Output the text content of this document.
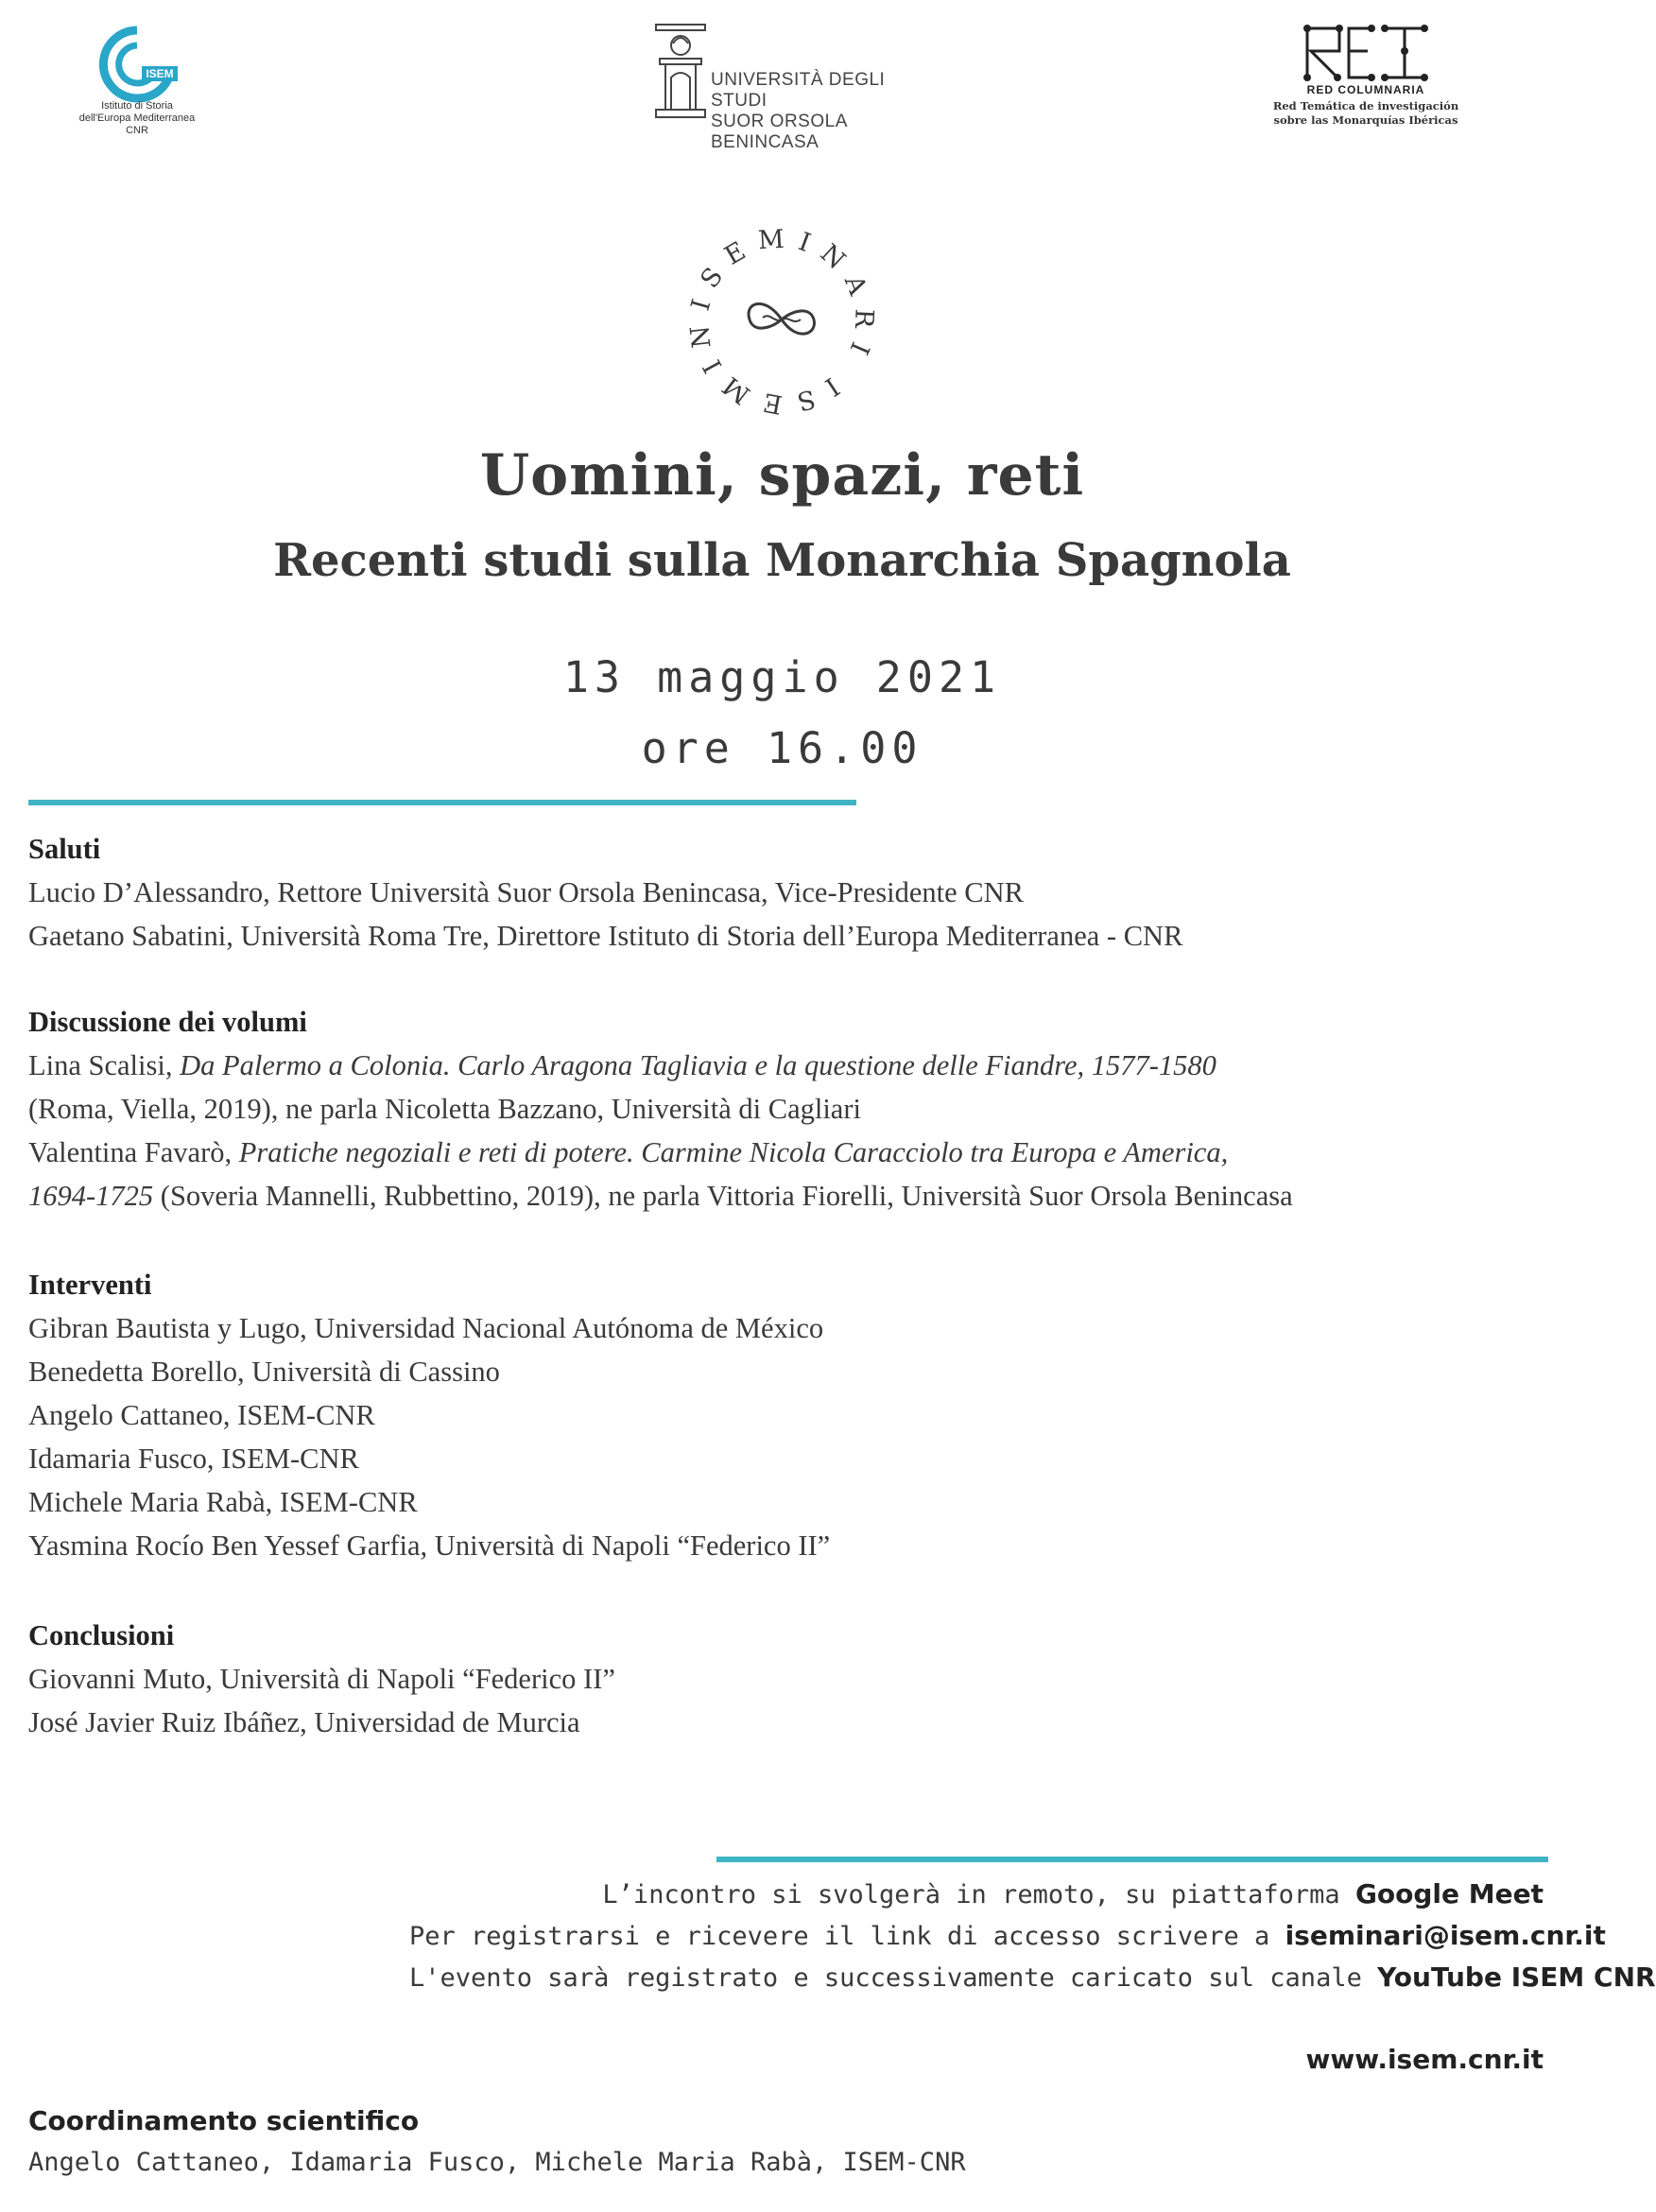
ISEM
Istituto di Storia
dell'Europa Mediterranea
CNR
UNIVERSITÀ DEGLI STUDI
SUOR ORSOLA BENINCASA
RED COLUMNARIA
Red Temática de investigación
sobre las Monarquías Ibéricas
ISEMINARI ISEMIN
Uomini, spazi, reti
Recenti studi sulla Monarchia Spagnola
13 maggio 2021
ore 16.00
Saluti
Lucio D’Alessandro, Rettore Università Suor Orsola Benincasa, Vice-Presidente CNR
Gaetano Sabatini, Università Roma Tre, Direttore Istituto di Storia dell’Europa Mediterranea - CNR
Discussione dei volumi
Lina Scalisi, Da Palermo a Colonia. Carlo Aragona Tagliavia e la questione delle Fiandre, 1577-1580
(Roma, Viella, 2019), ne parla Nicoletta Bazzano, Università di Cagliari
Valentina Favarò, Pratiche negoziali e reti di potere. Carmine Nicola Caracciolo tra Europa e America,
1694-1725 (Soveria Mannelli, Rubbettino, 2019), ne parla Vittoria Fiorelli, Università Suor Orsola Benincasa
Interventi
Gibran Bautista y Lugo, Universidad Nacional Autónoma de México
Benedetta Borello, Università di Cassino
Angelo Cattaneo, ISEM-CNR
Idamaria Fusco, ISEM-CNR
Michele Maria Rabà, ISEM-CNR
Yasmina Rocío Ben Yessef Garfia, Università di Napoli “Federico II”
Conclusioni
Giovanni Muto, Università di Napoli “Federico II”
José Javier Ruiz Ibáñez, Universidad de Murcia
L’incontro si svolgerà in remoto, su piattaforma Google Meet
Per registrarsi e ricevere il link di accesso scrivere a iseminari@isem.cnr.it
L'evento sarà registrato e successivamente caricato sul canale YouTube ISEM CNR
www.isem.cnr.it
Coordinamento scientifico
Angelo Cattaneo, Idamaria Fusco, Michele Maria Rabà, ISEM-CNR
